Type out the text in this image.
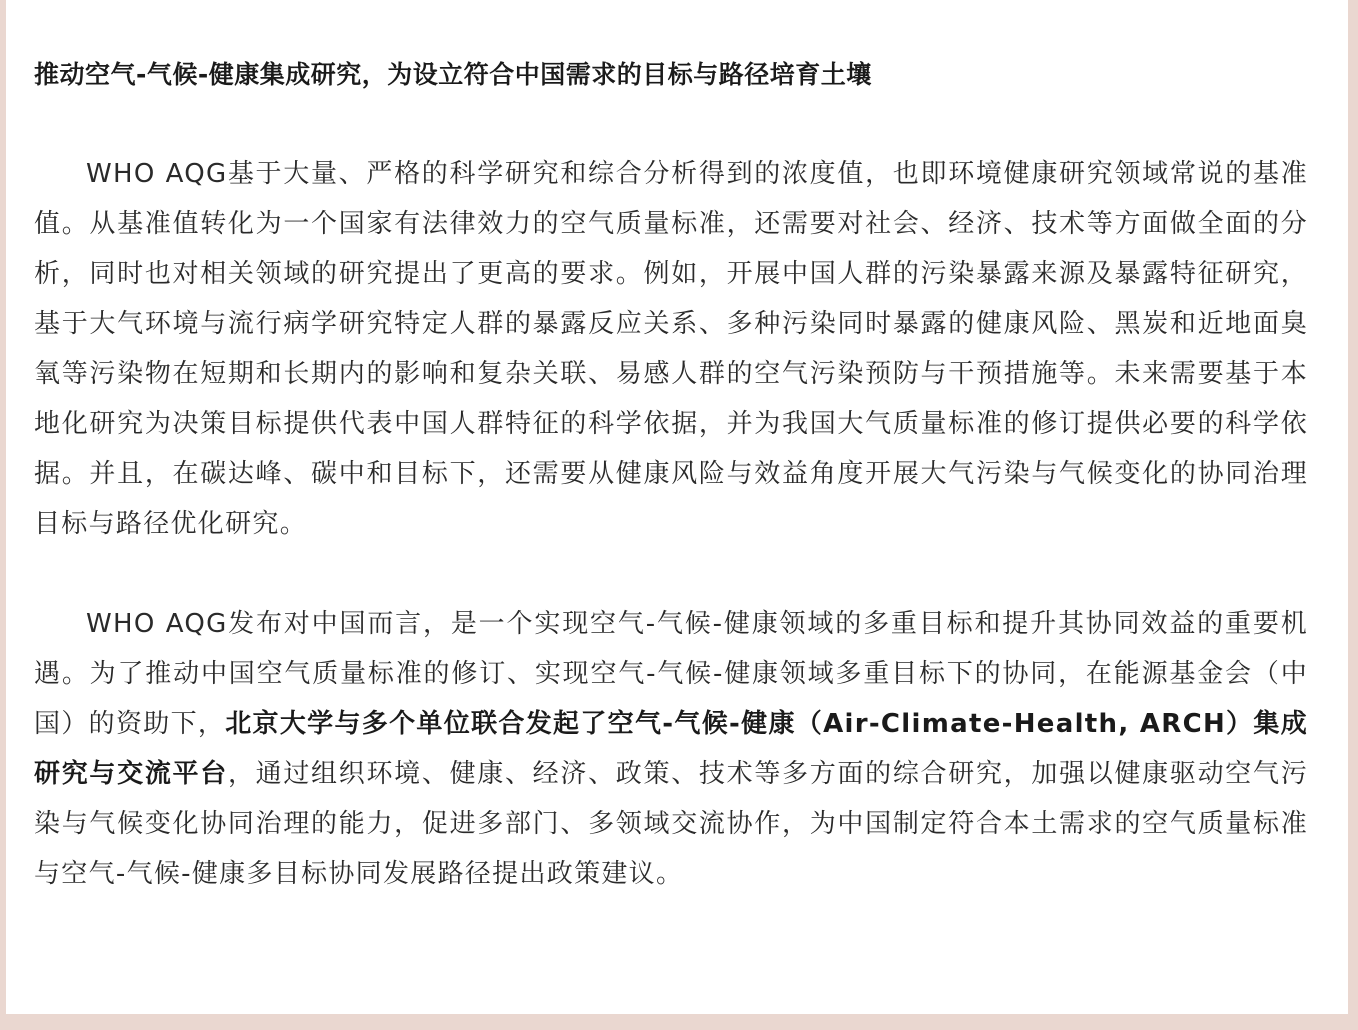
推动空气-气候-健康集成研究，为设立符合中国需求的目标与路径培育土壤

WHO AQG基于大量、严格的科学研究和综合分析得到的浓度值，也即环境健康研究领域常说的基准值。从基准值转化为一个国家有法律效力的空气质量标准，还需要对社会、经济、技术等方面做全面的分析，同时也对相关领域的研究提出了更高的要求。例如，开展中国人群的污染暴露来源及暴露特征研究，基于大气环境与流行病学研究特定人群的暴露反应关系、多种污染同时暴露的健康风险、黑炭和近地面臭氧等污染物在短期和长期内的影响和复杂关联、易感人群的空气污染预防与干预措施等。未来需要基于本地化研究为决策目标提供代表中国人群特征的科学依据，并为我国大气质量标准的修订提供必要的科学依据。并且，在碳达峰、碳中和目标下，还需要从健康风险与效益角度开展大气污染与气候变化的协同治理目标与路径优化研究。

WHO AQG发布对中国而言，是一个实现空气-气候-健康领域的多重目标和提升其协同效益的重要机遇。为了推动中国空气质量标准的修订、实现空气-气候-健康领域多重目标下的协同，在能源基金会（中国）的资助下，北京大学与多个单位联合发起了空气-气候-健康（Air-Climate-Health, ARCH）集成研究与交流平台，通过组织环境、健康、经济、政策、技术等多方面的综合研究，加强以健康驱动空气污染与气候变化协同治理的能力，促进多部门、多领域交流协作，为中国制定符合本土需求的空气质量标准与空气-气候-健康多目标协同发展路径提出政策建议。
